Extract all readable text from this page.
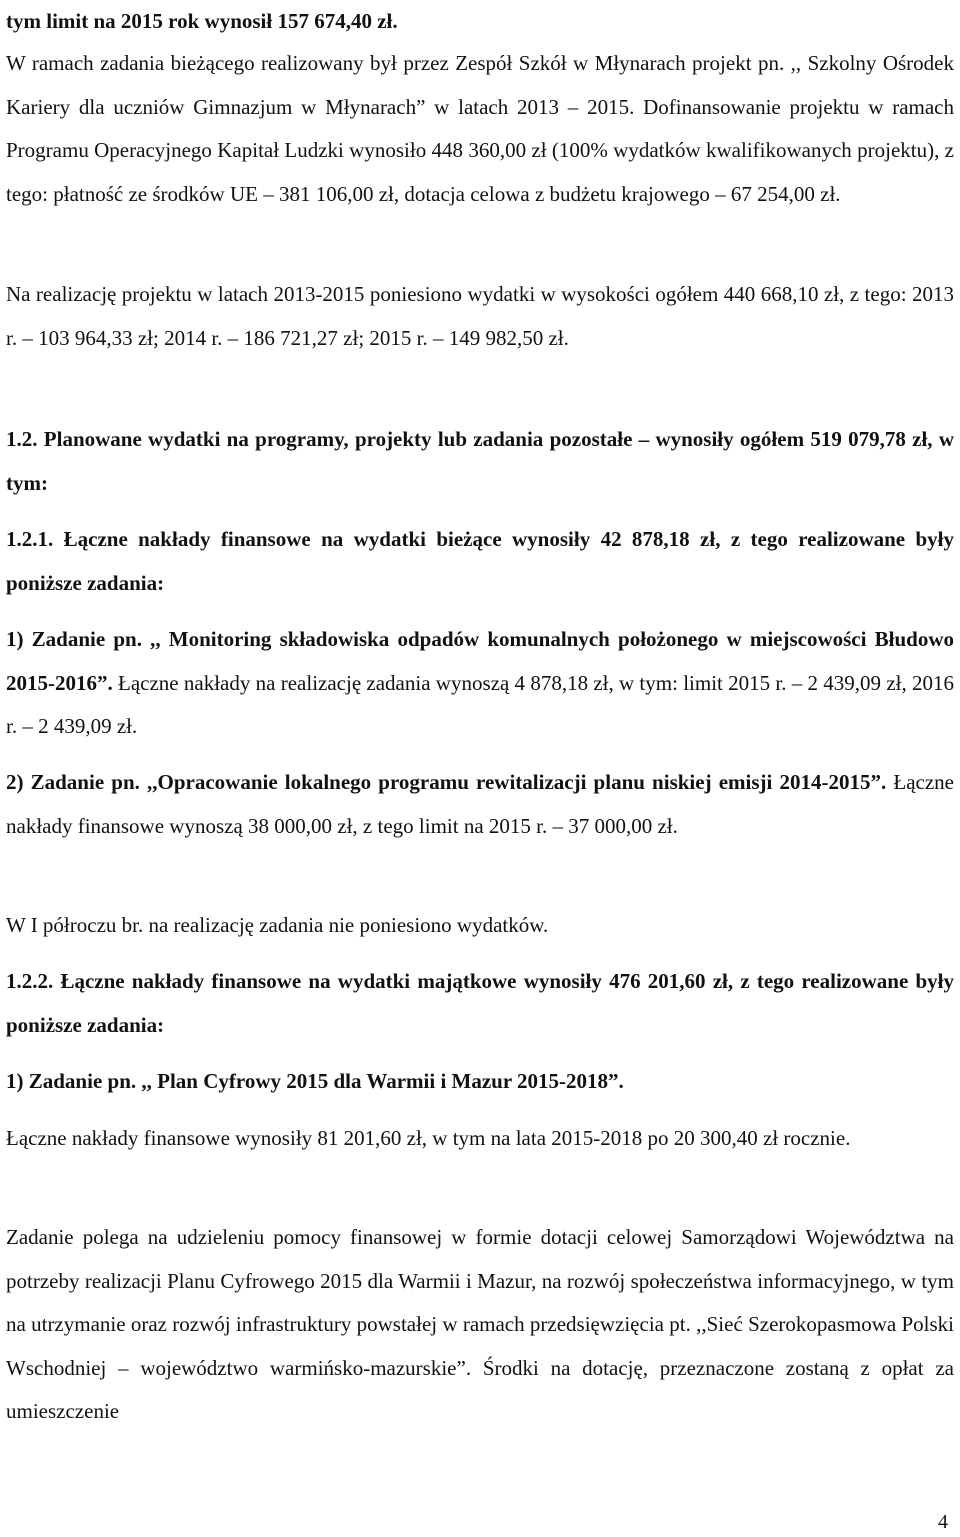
tym limit na 2015 rok wynosił 157 674,40 zł.

W ramach zadania bieżącego realizowany był przez Zespół Szkół w Młynarach projekt pn. ,, Szkolny Ośrodek Kariery dla uczniów Gimnazjum w Młynarach” w latach 2013 – 2015. Dofinansowanie projektu w ramach Programu Operacyjnego Kapitał Ludzki wynosiło 448 360,00 zł (100% wydatków kwalifikowanych projektu), z tego: płatność ze środków UE – 381 106,00 zł, dotacja celowa z budżetu krajowego – 67 254,00 zł.

Na realizację projektu w latach 2013-2015 poniesiono wydatki w wysokości ogółem 440 668,10 zł, z tego: 2013 r. – 103 964,33 zł; 2014 r. – 186 721,27 zł; 2015 r. – 149 982,50 zł.

1.2. Planowane wydatki na programy, projekty lub zadania pozostałe – wynosiły ogółem 519 079,78 zł, w tym:

1.2.1. Łączne nakłady finansowe na wydatki bieżące wynosiły 42 878,18 zł, z tego realizowane były poniższe zadania:

1) Zadanie pn. ,, Monitoring składowiska odpadów komunalnych położonego w miejscowości Błudowo 2015-2016”. Łączne nakłady na realizację zadania wynoszą 4 878,18 zł, w tym: limit 2015 r. – 2 439,09 zł, 2016 r. – 2 439,09 zł.

2) Zadanie pn. ,,Opracowanie lokalnego programu rewitalizacji planu niskiej emisji 2014-2015”. Łączne nakłady finansowe wynoszą 38 000,00 zł, z tego limit na 2015 r. – 37 000,00 zł.

W I półroczu br. na realizację zadania nie poniesiono wydatków.

1.2.2. Łączne nakłady finansowe na wydatki majątkowe wynosiły 476 201,60 zł, z tego realizowane były poniższe zadania:

1) Zadanie pn. ,, Plan Cyfrowy 2015 dla Warmii i Mazur 2015-2018”.

Łączne nakłady finansowe wynosiły 81 201,60 zł, w tym na lata 2015-2018 po 20 300,40 zł rocznie.

Zadanie polega na udzieleniu pomocy finansowej w formie dotacji celowej Samorządowi Województwa na potrzeby realizacji Planu Cyfrowego 2015 dla Warmii i Mazur, na rozwój społeczeństwa informacyjnego, w tym na utrzymanie oraz rozwój infrastruktury powstałej w ramach przedsięwzięcia pt. ,,Sieć Szerokopasmowa Polski Wschodniej – województwo warmińsko-mazurskie”. Środki na dotację, przeznaczone zostaną z opłat za umieszczenie

4
